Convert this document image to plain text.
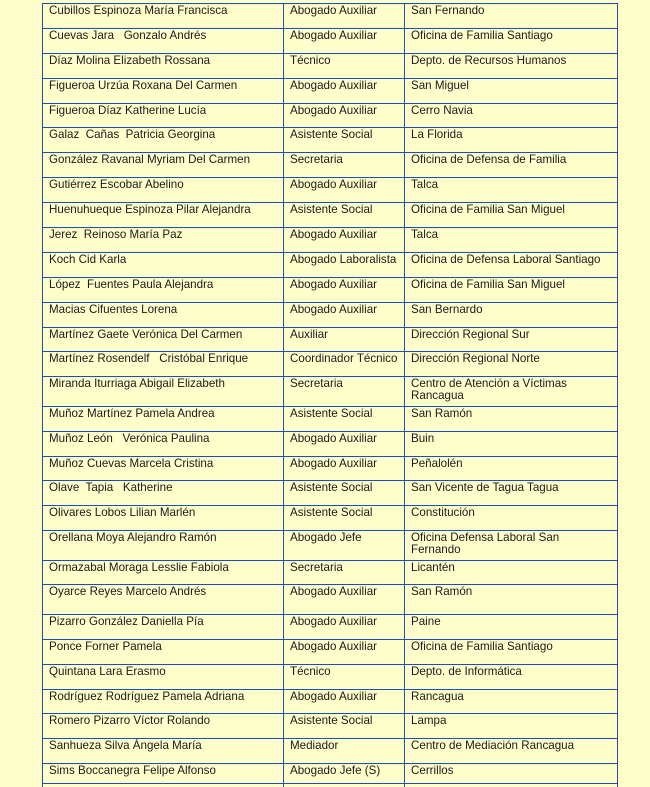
Cubillos Espinoza María Francisca	Abogado Auxiliar	San Fernando
Cuevas Jara   Gonzalo Andrés	Abogado Auxiliar	Oficina de Familia Santiago
Díaz Molina Elizabeth Rossana	Técnico	Depto. de Recursos Humanos
Figueroa Urzúa Roxana Del Carmen	Abogado Auxiliar	San Miguel
Figueroa Díaz Katherine Lucía	Abogado Auxiliar	Cerro Navia
Galaz  Cañas  Patricia Georgina	Asistente Social	La Florida
González Ravanal Myriam Del Carmen	Secretaria	Oficina de Defensa de Familia
Gutiérrez Escobar Abelino	Abogado Auxiliar	Talca
Huenuhueque Espinoza Pilar Alejandra	Asistente Social	Oficina de Familia San Miguel
Jerez  Reinoso María Paz	Abogado Auxiliar	Talca
Koch Cid Karla	Abogado Laboralista	Oficina de Defensa Laboral Santiago
López  Fuentes Paula Alejandra	Abogado Auxiliar	Oficina de Familia San Miguel
Macias Cifuentes Lorena	Abogado Auxiliar	San Bernardo
Martínez Gaete Verónica Del Carmen	Auxiliar	Dirección Regional Sur
Martínez Rosendelf   Cristóbal Enrique	Coordinador Técnico	Dirección Regional Norte
Miranda Iturriaga Abigail Elizabeth	Secretaria	Centro de Atención a Víctimas Rancagua
Muñoz Martínez Pamela Andrea	Asistente Social	San Ramón
Muñoz León   Verónica Paulina	Abogado Auxiliar	Buin
Muñoz Cuevas Marcela Cristina	Abogado Auxiliar	Peñalolén
Olave  Tapia   Katherine	Asistente Social	San Vicente de Tagua Tagua
Olivares Lobos Lilian Marlén	Asistente Social	Constitución
Orellana Moya Alejandro Ramón	Abogado Jefe	Oficina Defensa Laboral San Fernando
Ormazabal Moraga Lesslie Fabiola	Secretaria	Licantén
Oyarce Reyes Marcelo Andrés	Abogado Auxiliar	San Ramón
Pizarro González Daniella Pía	Abogado Auxiliar	Paine
Ponce Forner Pamela	Abogado Auxiliar	Oficina de Familia Santiago
Quintana Lara Erasmo	Técnico	Depto. de Informática
Rodríguez Rodríguez Pamela Adriana	Abogado Auxiliar	Rancagua
Romero Pizarro Víctor Rolando	Asistente Social	Lampa
Sanhueza Silva Ángela María	Mediador	Centro de Mediación Rancagua
Sims Boccanegra Felipe Alfonso	Abogado Jefe (S)	Cerrillos
